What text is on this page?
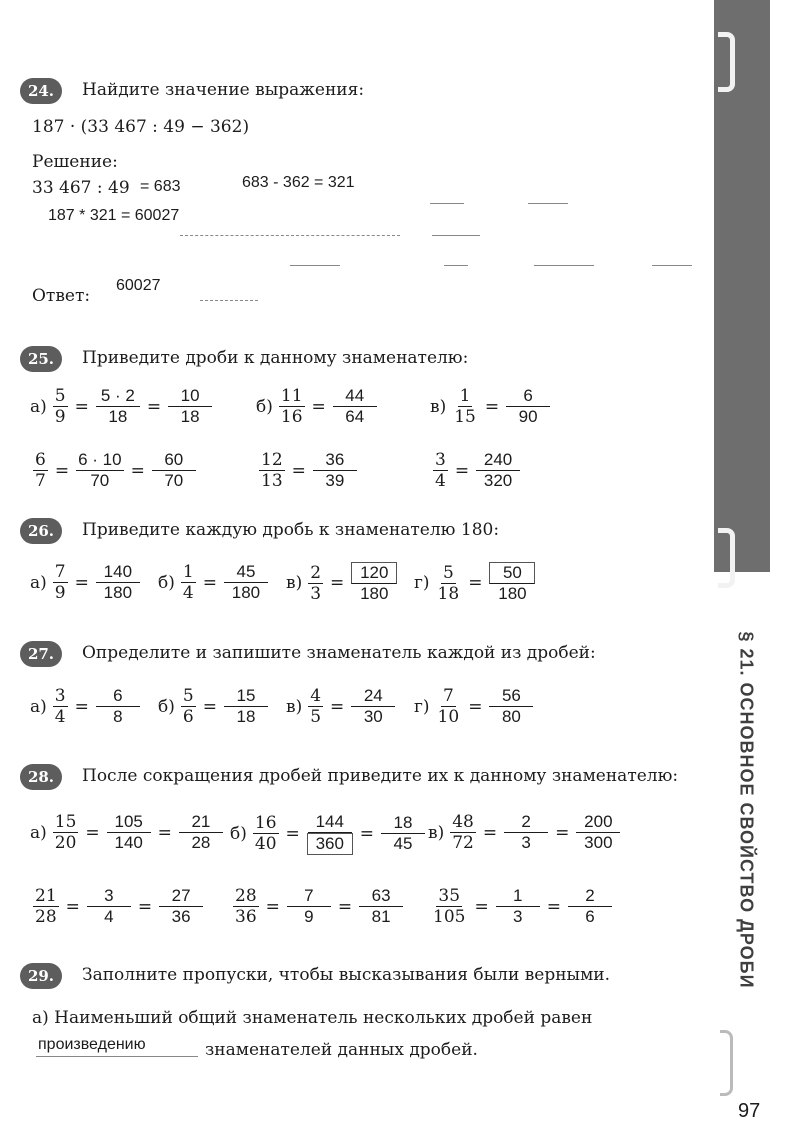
§ 21. ОСНОВНОЕ СВОЙСТВО ДРОБИ
24.	Найдите значение выражения:
187 · (33 467 : 49 − 362)
Решение:
33 467 : 49 = 683	683 - 362 = 321
187 * 321 = 60027
Ответ:
60027
25.	Приведите дроби к данному знаменателю:
$а) \frac{5}{9} = \frac{5 \cdot 2}{18} = \frac{10}{18}$	$б) \frac{11}{16} = \frac{44}{64}$	$в) \frac{1}{15} = \frac{6}{90}$
$\frac{6}{7} = \frac{6 \cdot 10}{70} = \frac{60}{70}$	$\frac{12}{13} = \frac{36}{39}$	$\frac{3}{4} = \frac{240}{320}$
26.	Приведите каждую дробь к знаменателю 180:
$а) \frac{7}{9} = \frac{140}{180} б) \frac{1}{4} = \frac{45}{180} в) \frac{2}{3} = \frac{120}{180} г) \frac{5}{18} = \frac{50}{180}$
27.	Определите и запишите знаменатель каждой из дробей:
$а) \frac{3}{4} = \frac{6}{8} б) \frac{5}{6} = \frac{15}{18} в) \frac{4}{5} = \frac{24}{30} г) \frac{7}{10} = \frac{56}{80}$
28.	После сокращения дробей приведите их к данному знаменателю:
$а) \frac{15}{20} = \frac{105}{140} = \frac{21}{28} б) \frac{16}{40} = \frac{144}{360} = \frac{18}{45} в) \frac{48}{72} = \frac{2}{3} = \frac{200}{300}$
$\frac{21}{28} = \frac{3}{4} = \frac{27}{36} \frac{28}{36} = \frac{7}{9} = \frac{63}{81} \frac{35}{105} = \frac{1}{3} = \frac{2}{6}$
29.	Заполните пропуски, чтобы высказывания были верными.
а) Наименьший общий знаменатель нескольких дробей равен
произведению	знаменателей данных дробей.
97
